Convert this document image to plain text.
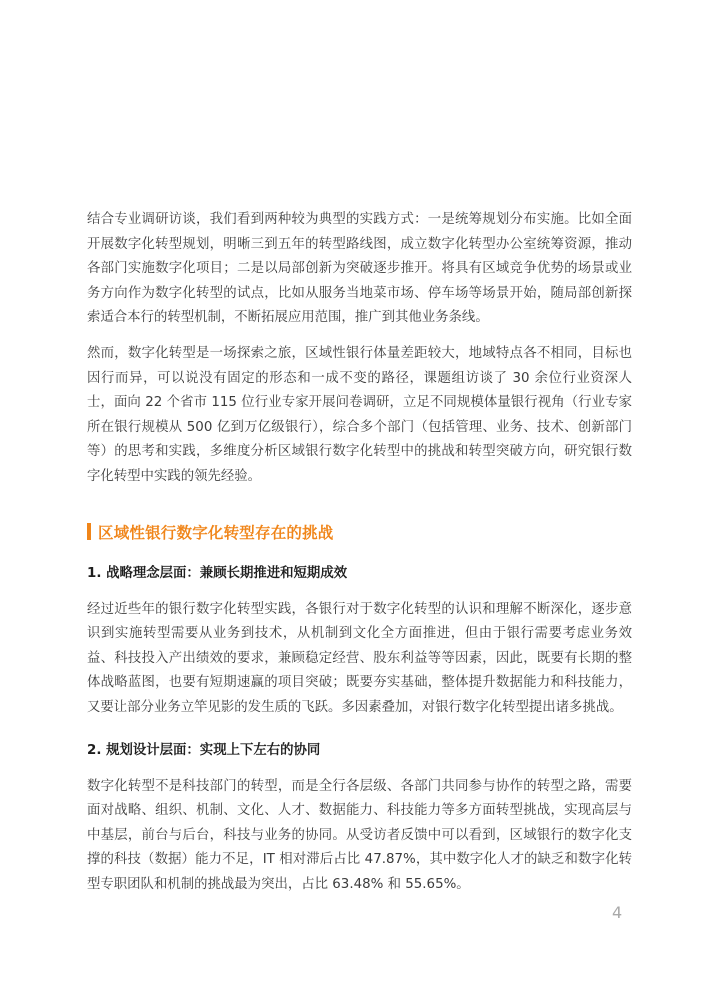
结合专业调研访谈，我们看到两种较为典型的实践方式：一是统筹规划分布实施。比如全面开展数字化转型规划，明晰三到五年的转型路线图，成立数字化转型办公室统筹资源，推动各部门实施数字化项目；二是以局部创新为突破逐步推开。将具有区域竞争优势的场景或业务方向作为数字化转型的试点，比如从服务当地菜市场、停车场等场景开始，随局部创新探索适合本行的转型机制，不断拓展应用范围，推广到其他业务条线。

然而，数字化转型是一场探索之旅，区域性银行体量差距较大，地域特点各不相同，目标也因行而异，可以说没有固定的形态和一成不变的路径，课题组访谈了 30 余位行业资深人士，面向 22 个省市 115 位行业专家开展问卷调研，立足不同规模体量银行视角（行业专家所在银行规模从 500 亿到万亿级银行），综合多个部门（包括管理、业务、技术、创新部门等）的思考和实践，多维度分析区域银行数字化转型中的挑战和转型突破方向，研究银行数字化转型中实践的领先经验。

区域性银行数字化转型存在的挑战
1. 战略理念层面：兼顾长期推进和短期成效

经过近些年的银行数字化转型实践，各银行对于数字化转型的认识和理解不断深化，逐步意识到实施转型需要从业务到技术，从机制到文化全方面推进，但由于银行需要考虑业务效益、科技投入产出绩效的要求，兼顾稳定经营、股东利益等等因素，因此，既要有长期的整体战略蓝图，也要有短期速赢的项目突破；既要夯实基础，整体提升数据能力和科技能力，又要让部分业务立竿见影的发生质的飞跃。多因素叠加，对银行数字化转型提出诸多挑战。

2. 规划设计层面：实现上下左右的协同

数字化转型不是科技部门的转型，而是全行各层级、各部门共同参与协作的转型之路，需要面对战略、组织、机制、文化、人才、数据能力、科技能力等多方面转型挑战，实现高层与中基层，前台与后台，科技与业务的协同。从受访者反馈中可以看到，区域银行的数字化支撑的科技（数据）能力不足，IT 相对滞后占比 47.87%，其中数字化人才的缺乏和数字化转型专职团队和机制的挑战最为突出，占比 63.48% 和 55.65%。

4
